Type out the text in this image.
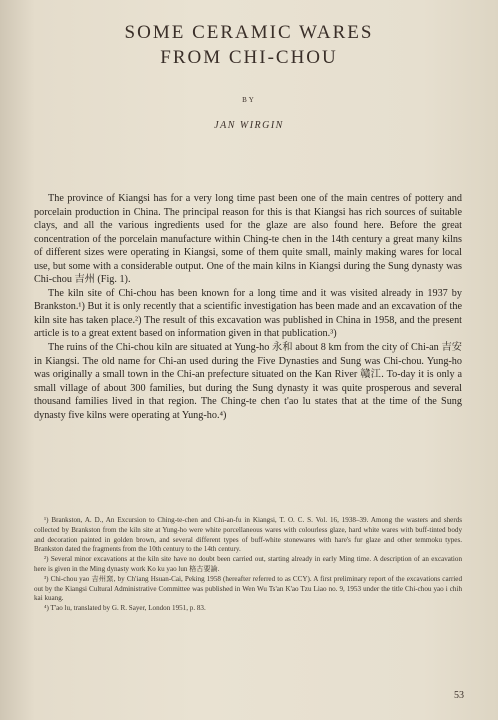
SOME CERAMIC WARES
FROM CHI-CHOU
BY
JAN WIRGIN

The province of Kiangsi has for a very long time past been one of the main centres of pottery and porcelain production in China. The principal reason for this is that Kiangsi has rich sources of suitable clays, and all the various ingredients used for the glaze are also found here. Before the great concentration of the porcelain manufacture within Ching-te chen in the 14th century a great many kilns of different sizes were operating in Kiangsi, some of them quite small, mainly making wares for local use, but some with a considerable output. One of the main kilns in Kiangsi during the Sung dynasty was Chi-chou 吉州 (Fig. 1).

The kiln site of Chi-chou has been known for a long time and it was visited already in 1937 by Brankston.¹) But it is only recently that a scientific investigation has been made and an excavation of the kiln site has taken place.²) The result of this excavation was published in China in 1958, and the present article is to a great extent based on information given in that publication.³)

The ruins of the Chi-chou kiln are situated at Yung-ho 永和 about 8 km from the city of Chi-an 吉安 in Kiangsi. The old name for Chi-an used during the Five Dynasties and Sung was Chi-chou. Yung-ho was originally a small town in the Chi-an prefecture situated on the Kan River 贛江. To-day it is only a small village of about 300 families, but during the Sung dynasty it was quite prosperous and several thousand families lived in that region. The Ching-te chen t'ao lu states that at the time of the Sung dynasty five kilns were operating at Yung-ho.⁴)

¹) Brankston, A. D., An Excursion to Ching-te-chen and Chi-an-fu in Kiangsi, T. O. C. S. Vol. 16, 1938–39. Among the wasters and sherds collected by Brankston from the kiln site at Yung-ho were white porcellaneous wares with colourless glaze, hard white wares with buff-tinted body and decoration painted in golden brown, and several different types of buff-white stonewares with hare's fur glaze and other temmoku types. Brankston dated the fragments from the 10th century to the 14th century.

²) Several minor excavations at the kiln site have no doubt been carried out, starting already in early Ming time. A description of an excavation here is given in the Ming dynasty work Ko ku yao lun 格古要論.

³) Chi-chou yao 吉州窯, by Ch'iang Hsuan-Cai, Peking 1958 (hereafter referred to as CCY). A first preliminary report of the excavations carried out by the Kiangsi Cultural Administrative Committee was published in Wen Wu Ts'an K'ao Tzu Liao no. 9, 1953 under the title Chi-chou yao i chih kai kuang.

⁴) T'ao lu, translated by G. R. Sayer, London 1951, p. 83.

53
